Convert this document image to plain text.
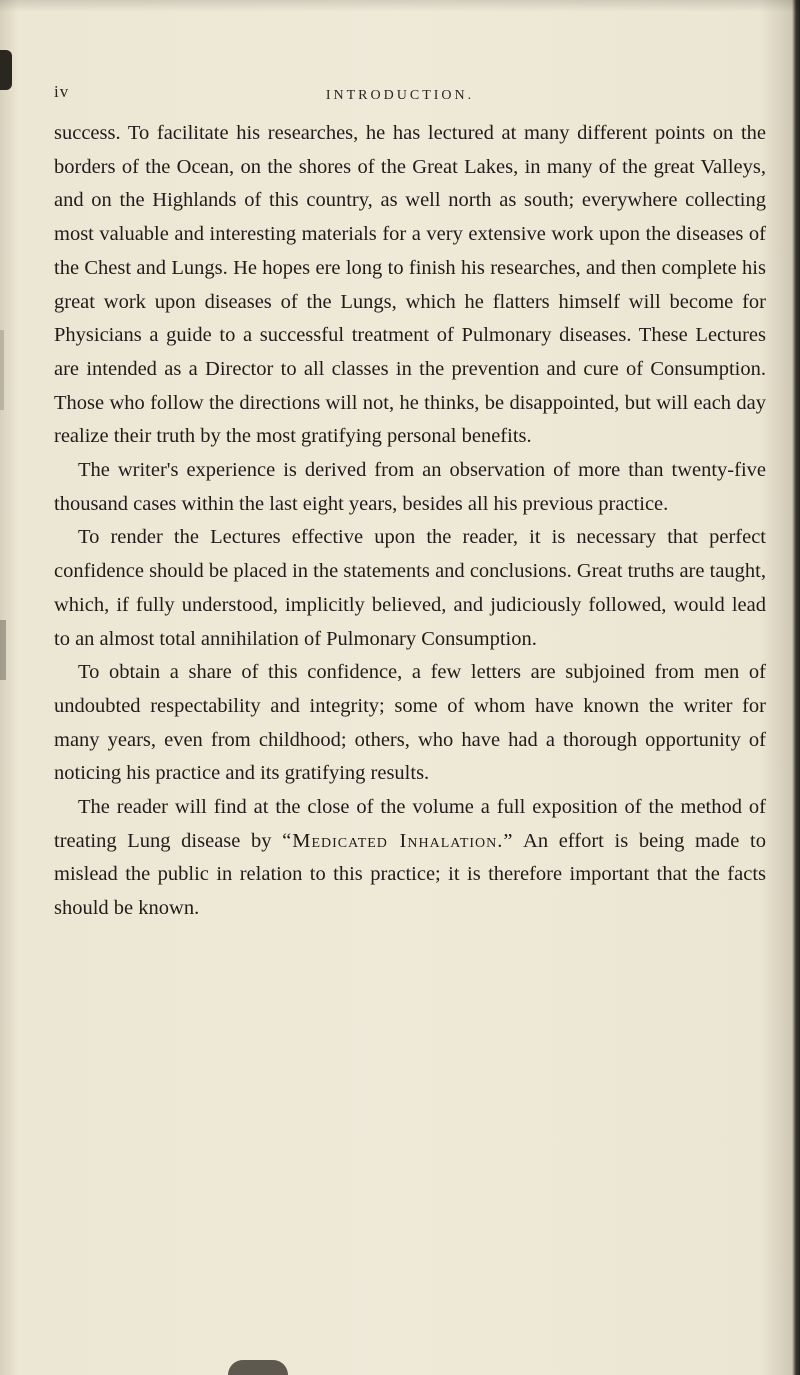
iv	INTRODUCTION.

success. To facilitate his researches, he has lectured at many different points on the borders of the Ocean, on the shores of the Great Lakes, in many of the great Valleys, and on the Highlands of this country, as well north as south; everywhere collecting most valuable and interesting materials for a very extensive work upon the diseases of the Chest and Lungs. He hopes ere long to finish his researches, and then complete his great work upon diseases of the Lungs, which he flatters himself will become for Physicians a guide to a successful treatment of Pulmonary diseases. These Lectures are intended as a Director to all classes in the prevention and cure of Consumption. Those who follow the directions will not, he thinks, be disappointed, but will each day realize their truth by the most gratifying personal benefits.

The writer's experience is derived from an observation of more than twenty-five thousand cases within the last eight years, besides all his previous practice.

To render the Lectures effective upon the reader, it is necessary that perfect confidence should be placed in the statements and conclusions. Great truths are taught, which, if fully understood, implicitly believed, and judiciously followed, would lead to an almost total annihilation of Pulmonary Consumption.

To obtain a share of this confidence, a few letters are subjoined from men of undoubted respectability and integrity; some of whom have known the writer for many years, even from childhood; others, who have had a thorough opportunity of noticing his practice and its gratifying results.

The reader will find at the close of the volume a full exposition of the method of treating Lung disease by “Medicated Inhalation.” An effort is being made to mislead the public in relation to this practice; it is therefore important that the facts should be known.
